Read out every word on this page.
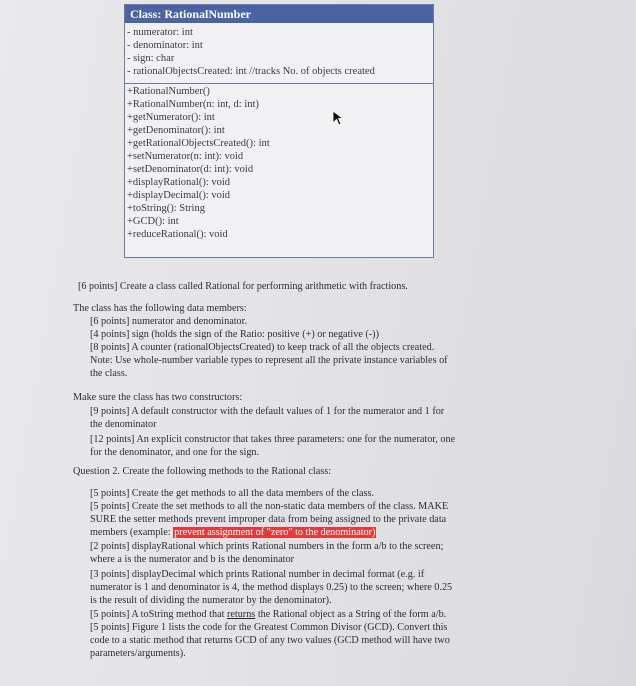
Class: RationalNumber
- numerator: int
- denominator: int
- sign: char
- rationalObjectsCreated: int //tracks No. of objects created
+RationalNumber()
+RationalNumber(n: int, d: int)
+getNumerator(): int
+getDenominator(): int
+getRationalObjectsCreated(): int
+setNumerator(n: int): void
+setDenominator(d: int): void
+displayRational(): void
+displayDecimal(): void
+toString(): String
+GCD(): int
+reduceRational(): void
[6 points] Create a class called Rational for performing arithmetic with fractions.
The class has the following data members:
[6 points] numerator and denominator.
[4 points] sign (holds the sign of the Ratio: positive (+) or negative (-))
[8 points] A counter (rationalObjectsCreated) to keep track of all the objects created.
Note: Use whole-number variable types to represent all the private instance variables of
the class.
Make sure the class has two constructors:
[9 points] A default constructor with the default values of 1 for the numerator and 1 for
the denominator
[12 points] An explicit constructor that takes three parameters: one for the numerator, one
for the denominator, and one for the sign.
Question 2. Create the following methods to the Rational class:
[5 points] Create the get methods to all the data members of the class.
[5 points] Create the set methods to all the non-static data members of the class. MAKE
SURE the setter methods prevent improper data from being assigned to the private data
members (example: prevent assignment of "zero" to the denominator)
[2 points] displayRational which prints Rational numbers in the form a/b to the screen;
where a is the numerator and b is the denominator
[3 points] displayDecimal which prints Rational number in decimal format (e.g. if
numerator is 1 and denominator is 4, the method displays 0.25) to the screen; where 0.25
is the result of dividing the numerator by the denominator).
[5 points] A toString method that returns the Rational object as a String of the form a/b.
[5 points] Figure 1 lists the code for the Greatest Common Divisor (GCD). Convert this
code to a static method that returns GCD of any two values (GCD method will have two
parameters/arguments).
